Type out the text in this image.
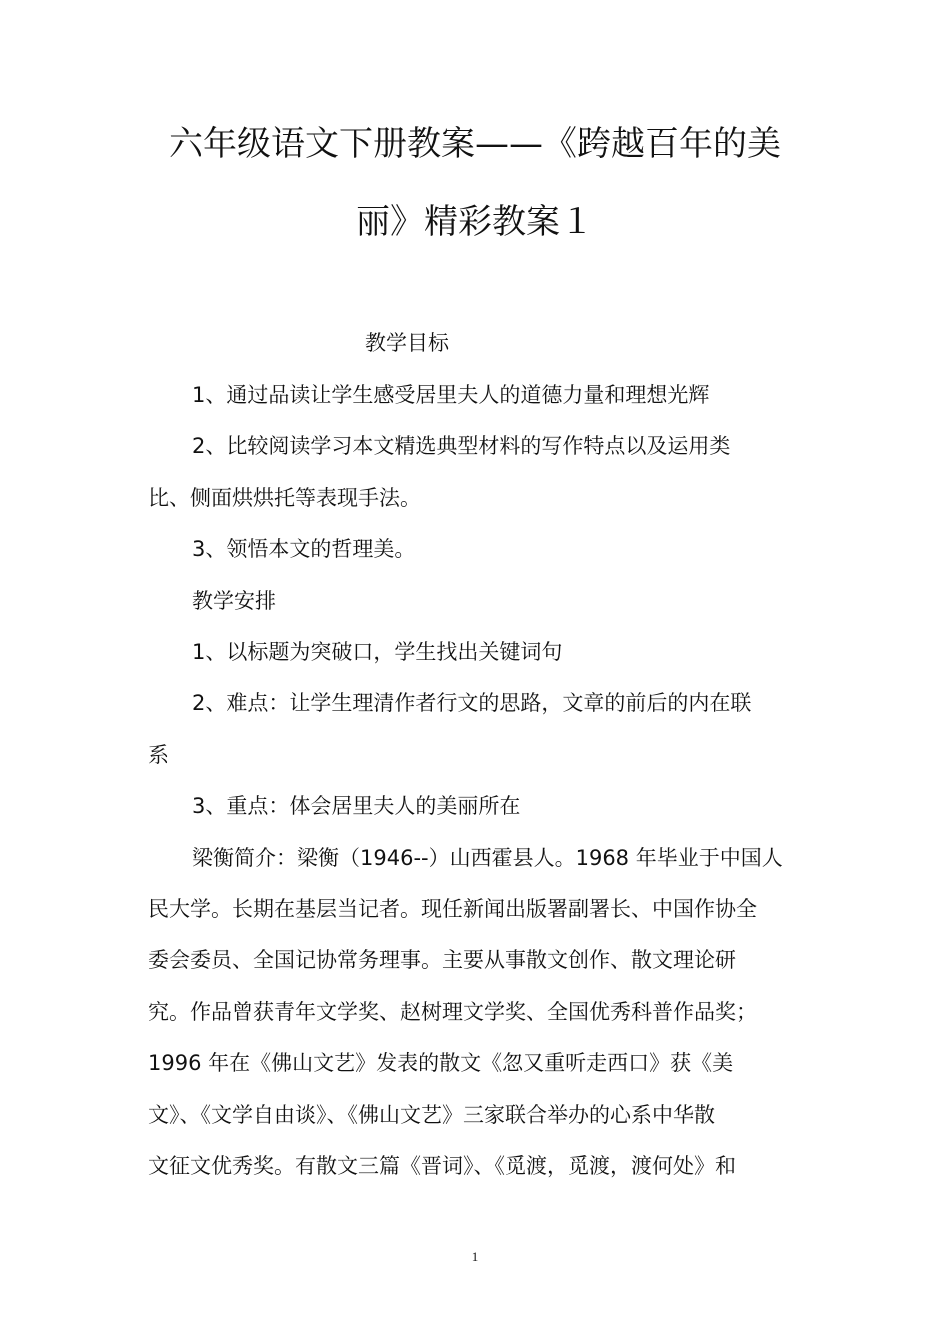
六年级语文下册教案——《跨越百年的美
丽》精彩教案１
教学目标
1、通过品读让学生感受居里夫人的道德力量和理想光辉
2、比较阅读学习本文精选典型材料的写作特点以及运用类
比、侧面烘烘托等表现手法。
3、领悟本文的哲理美。
教学安排
1、以标题为突破口，学生找出关键词句
2、难点：让学生理清作者行文的思路，文章的前后的内在联
系
3、重点：体会居里夫人的美丽所在
梁衡简介：梁衡（1946--）山西霍县人。1968 年毕业于中国人
民大学。长期在基层当记者。现任新闻出版署副署长、中国作协全
委会委员、全国记协常务理事。主要从事散文创作、散文理论研
究。作品曾获青年文学奖、赵树理文学奖、全国优秀科普作品奖；
1996 年在《佛山文艺》发表的散文《忽又重听走西口》获《美
文》、《文学自由谈》、《佛山文艺》三家联合举办的心系中华散
文征文优秀奖。有散文三篇《晋词》、《觅渡，觅渡，渡何处》和
1
